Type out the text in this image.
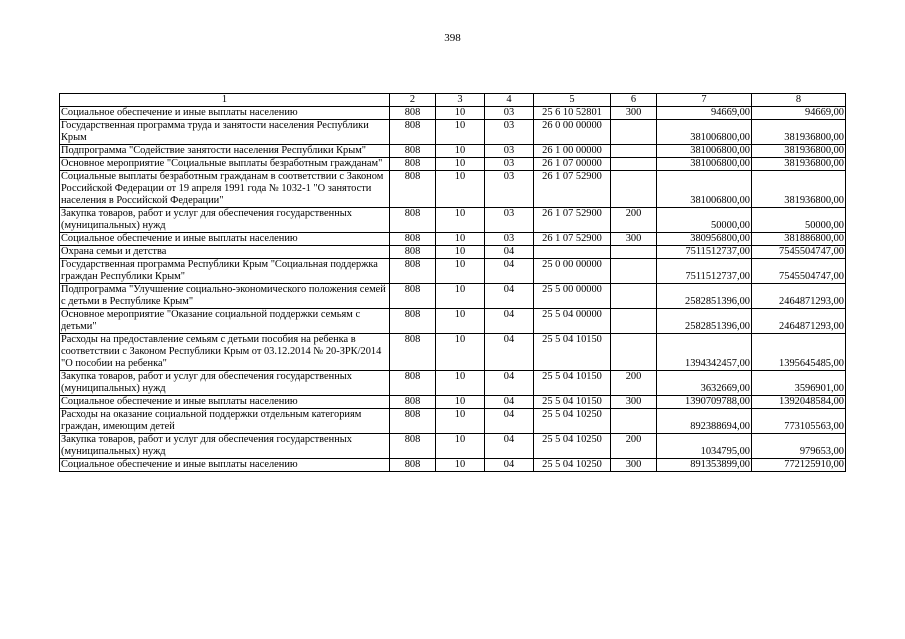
398
1	2	3	4	5	6	7	8
Социальное обеспечение и иные выплаты населению	808	10	03	25 6 10 52801	300	94669,00	94669,00
Государственная программа труда и занятости населения Республики Крым	808	10	03	26 0 00 00000		381006800,00	381936800,00
Подпрограмма "Содействие занятости населения Республики Крым"	808	10	03	26 1 00 00000		381006800,00	381936800,00
Основное мероприятие "Социальные выплаты безработным гражданам"	808	10	03	26 1 07 00000		381006800,00	381936800,00
Социальные выплаты безработным гражданам в соответствии с Законом Российской Федерации от 19 апреля 1991 года № 1032-1 "О занятости населения в Российской Федерации"	808	10	03	26 1 07 52900		381006800,00	381936800,00
Закупка товаров, работ и услуг для обеспечения государственных (муниципальных) нужд	808	10	03	26 1 07 52900	200	50000,00	50000,00
Социальное обеспечение и иные выплаты населению	808	10	03	26 1 07 52900	300	380956800,00	381886800,00
Охрана семьи и детства	808	10	04			7511512737,00	7545504747,00
Государственная программа Республики Крым "Социальная поддержка граждан Республики Крым"	808	10	04	25 0 00 00000		7511512737,00	7545504747,00
Подпрограмма "Улучшение социально-экономического положения семей с детьми в Республике Крым"	808	10	04	25 5 00 00000		2582851396,00	2464871293,00
Основное мероприятие "Оказание социальной поддержки семьям с детьми"	808	10	04	25 5 04 00000		2582851396,00	2464871293,00
Расходы на предоставление семьям с детьми пособия на ребенка в соответствии с Законом Республики Крым от 03.12.2014 № 20-ЗРК/2014 "О пособии на ребенка"	808	10	04	25 5 04 10150		1394342457,00	1395645485,00
Закупка товаров, работ и услуг для обеспечения государственных (муниципальных) нужд	808	10	04	25 5 04 10150	200	3632669,00	3596901,00
Социальное обеспечение и иные выплаты населению	808	10	04	25 5 04 10150	300	1390709788,00	1392048584,00
Расходы на оказание социальной поддержки отдельным категориям граждан, имеющим детей	808	10	04	25 5 04 10250		892388694,00	773105563,00
Закупка товаров, работ и услуг для обеспечения государственных (муниципальных) нужд	808	10	04	25 5 04 10250	200	1034795,00	979653,00
Социальное обеспечение и иные выплаты населению	808	10	04	25 5 04 10250	300	891353899,00	772125910,00
